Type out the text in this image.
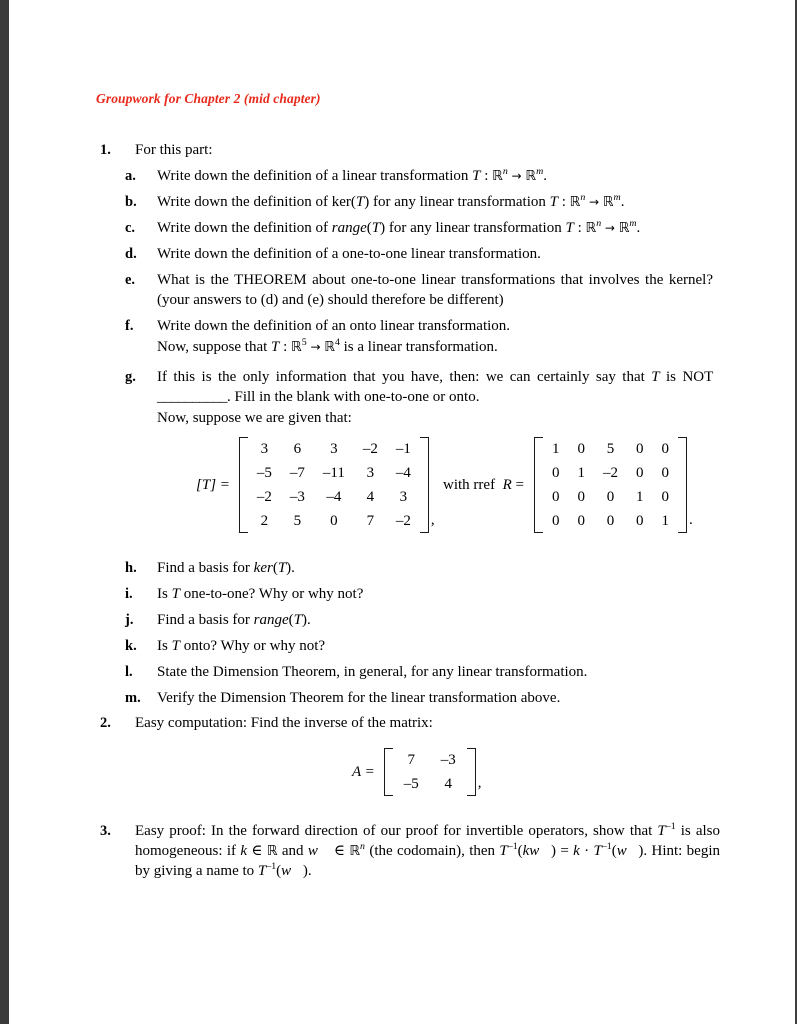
Groupwork for Chapter 2 (mid chapter)
1.	For this part:
a.	Write down the definition of a linear transformation T : ℝ$^n$ → ℝ$^m$.
b.	Write down the definition of ker(T) for any linear transformation T : ℝ$^n$ → ℝ$^m$.
c.	Write down the definition of range(T) for any linear transformation T : ℝ$^n$ → ℝ$^m$.
d.	Write down the definition of a one-to-one linear transformation.
e.	What is the THEOREM about one-to-one linear transformations that involves the kernel? (your answers to (d) and (e) should therefore be different)
f.	Write down the definition of an onto linear transformation.
Now, suppose that T : ℝ$^5$ → ℝ$^4$ is a linear transformation.
g.	If this is the only information that you have, then: we can certainly say that T is NOT __________. Fill in the blank with one-to-one or onto.
Now, suppose we are given that:
[T] =
3	6	3	–2	–1
–5	–7	–11	3	–4
–2	–3	–4	4	3
2	5	0	7	–2 ,
with rref  R =
1	0	5	0	0
0	1	–2	0	0
0	0	0	1	0
0	0	0	0	1 .
h.	Find a basis for ker(T).
i.	Is T one-to-one? Why or why not?
j.	Find a basis for range(T).
k.	Is T onto? Why or why not?
l.	State the Dimension Theorem, in general, for any linear transformation.
m.	Verify the Dimension Theorem for the linear transformation above.
2.	Easy computation: Find the inverse of the matrix:
A =
7	–3
–5	4 ,
3.	Easy proof: In the forward direction of our proof for invertible operators, show that $T^{-1}$ is also homogeneous: if k ∈ ℝ and w⃗ ∈ ℝ$^n$ (the codomain), then $T^{-1}(kw⃗) = k$ · $T^{-1}(w⃗)$. Hint: begin by giving a name to $T^{-1}(w⃗)$.
